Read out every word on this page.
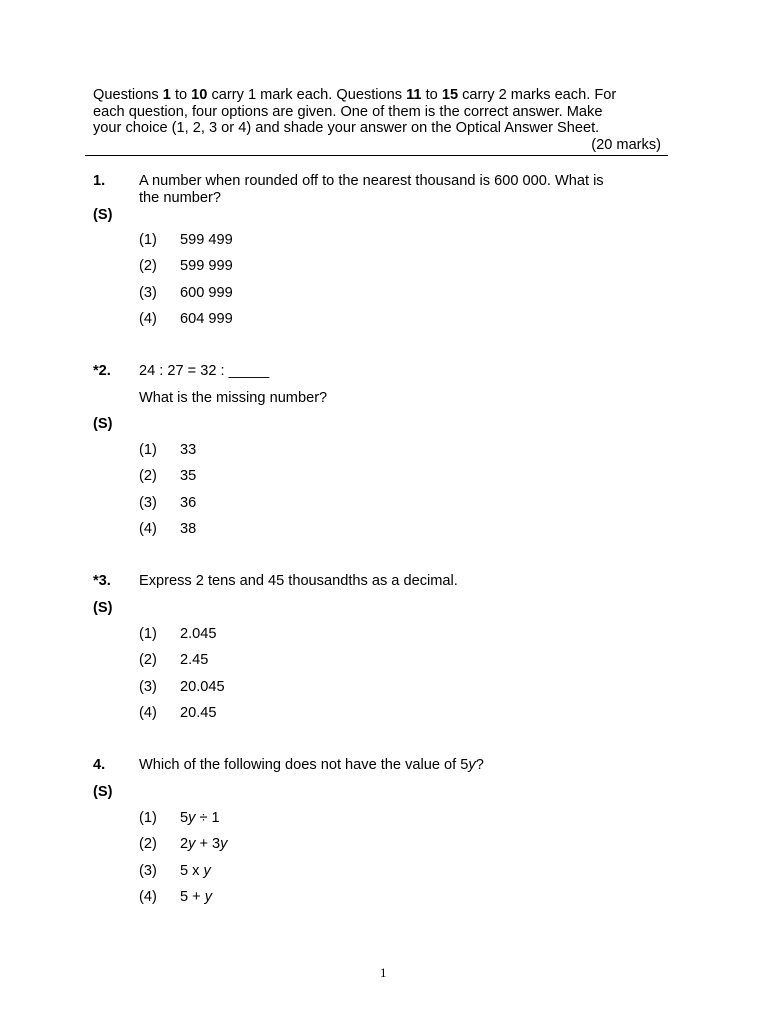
Questions 1 to 10 carry 1 mark each. Questions 11 to 15 carry 2 marks each. For

each question, four options are given. One of them is the correct answer. Make

your choice (1, 2, 3 or 4) and shade your answer on the Optical Answer Sheet.

(20 marks)

1.
(S)
A number when rounded off to the nearest thousand is 600 000. What is
the number?
(1) 599 499
(2) 599 999
(3) 600 999
(4) 604 999
*2. 24 : 27 = 32 : _____
What is the missing number?
(S)
(1) 33
(2) 35
(3) 36
(4) 38
*3. Express 2 tens and 45 thousandths as a decimal.
(S)
(1) 2.045
(2) 2.45
(3) 20.045
(4) 20.45
4. Which of the following does not have the value of 5y?
(S)
(1) 5y ÷ 1
(2) 2y + 3y
(3) 5 x y
(4) 5 + y
1
